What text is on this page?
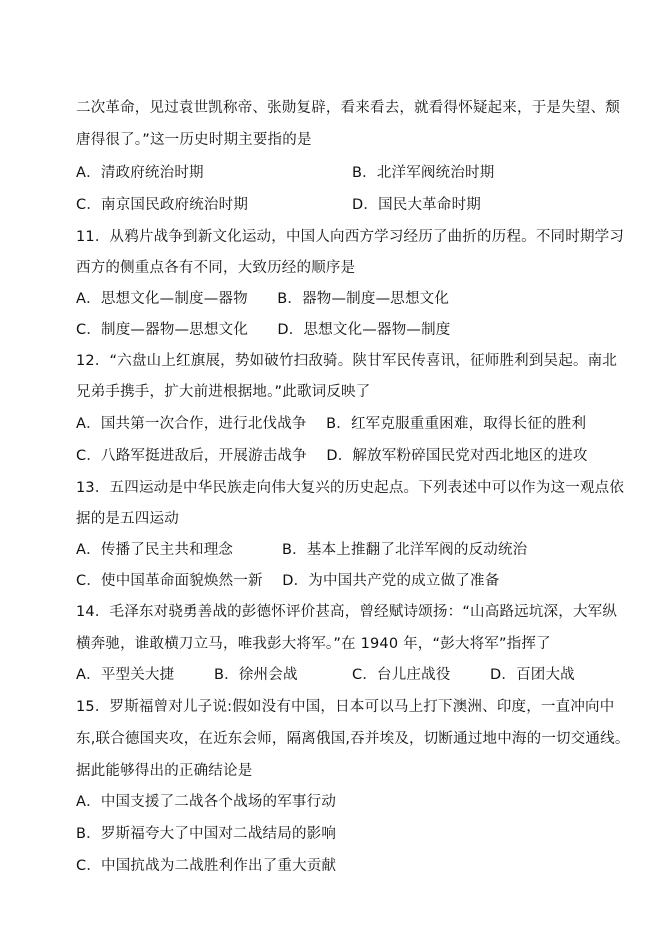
二次革命，见过袁世凯称帝、张勋复辟，看来看去，就看得怀疑起来，于是失望、颓
唐得很了。”这一历史时期主要指的是
A．清政府统治时期	B．北洋军阀统治时期
C．南京国民政府统治时期	D．国民大革命时期
11．从鸦片战争到新文化运动，中国人向西方学习经历了曲折的历程。不同时期学习
西方的侧重点各有不同，大致历经的顺序是
A．思想文化—制度—器物　　B．器物—制度—思想文化
C．制度—器物—思想文化　　D．思想文化—器物—制度
12．“六盘山上红旗展，势如破竹扫敌骑。陕甘军民传喜讯，征师胜利到吴起。南北
兄弟手携手，扩大前进根据地。”此歌词反映了
A．国共第一次合作，进行北伐战争　 B．红军克服重重困难，取得长征的胜利
C．八路军挺进敌后，开展游击战争　 D．解放军粉碎国民党对西北地区的进攻
13．五四运动是中华民族走向伟大复兴的历史起点。下列表述中可以作为这一观点依
据的是五四运动
A．传播了民主共和理念　　　 B．基本上推翻了北洋军阀的反动统治
C．使中国革命面貌焕然一新　 D．为中国共产党的成立做了准备
14．毛泽东对骁勇善战的彭德怀评价甚高，曾经赋诗颂扬：“山高路远坑深，大军纵
横奔驰，谁敢横刀立马，唯我彭大将军。”在 1940 年，“彭大将军”指挥了
A．平型关大捷	B．徐州会战	C．台儿庄战役	D．百团大战
15．罗斯福曾对儿子说:假如没有中国，日本可以马上打下澳洲、印度，一直冲向中
东,联合德国夹攻，在近东会师，隔离俄国,吞并埃及，切断通过地中海的一切交通线。
据此能够得出的正确结论是
A．中国支援了二战各个战场的军事行动
B．罗斯福夸大了中国对二战结局的影响
C．中国抗战为二战胜利作出了重大贡献
